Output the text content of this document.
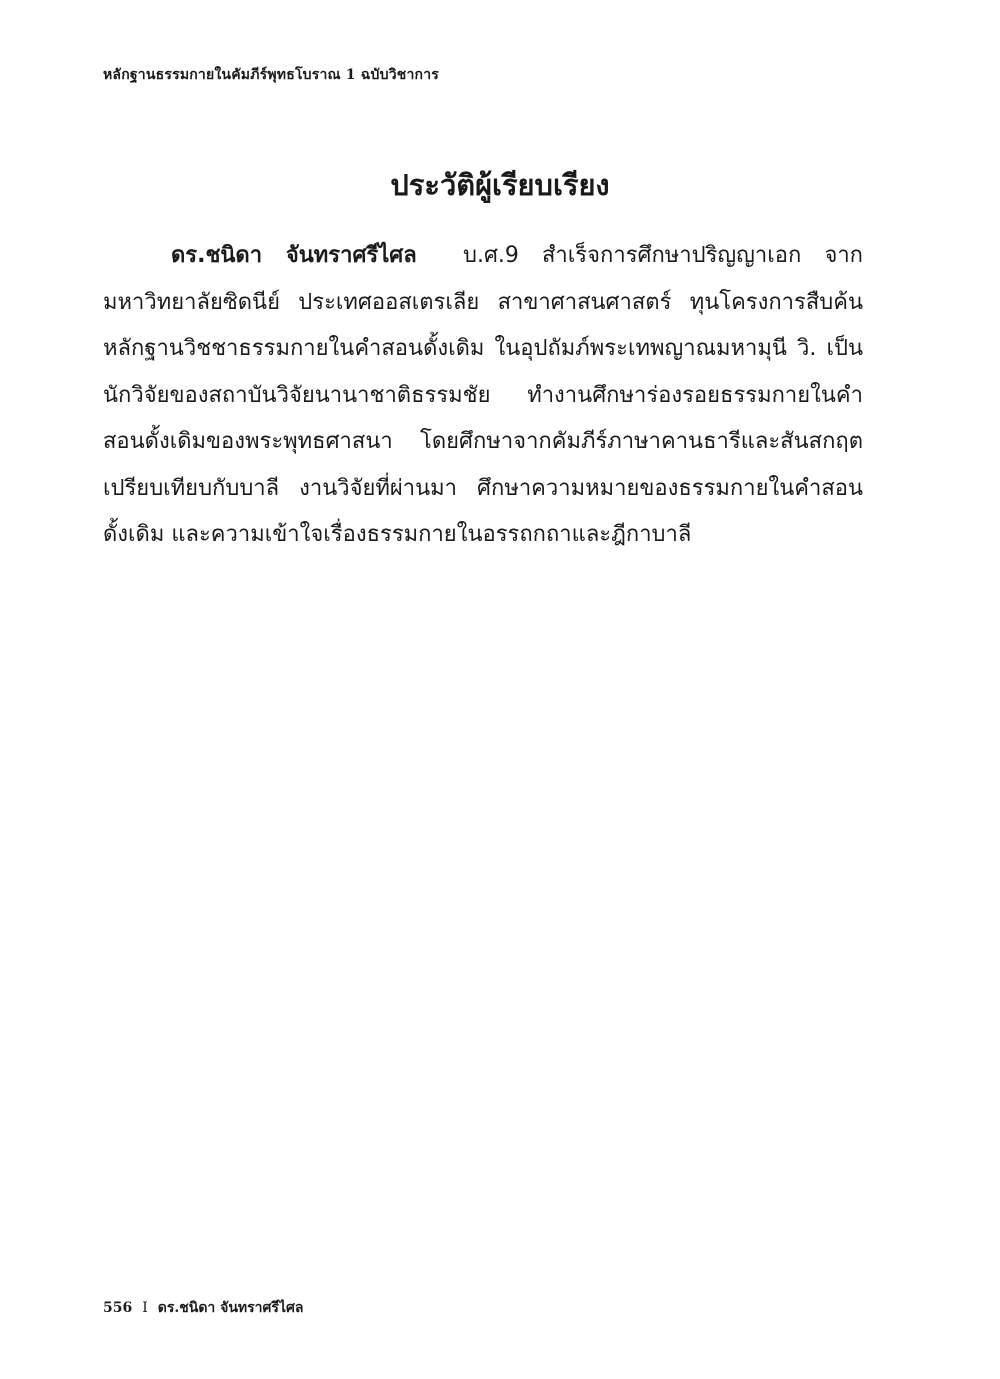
หลักฐานธรรมกายในคัมภีร์พุทธโบราณ 1 ฉบับวิชาการ
ประวัติผู้เรียบเรียง

ดร.ชนิดา จันทราศรีไศล บ.ศ.9 สำเร็จการศึกษาปริญญาเอก จากมหาวิทยาลัยซิดนีย์ ประเทศออสเตรเลีย สาขาศาสนศาสตร์ ทุนโครงการสืบค้นหลักฐานวิชชาธรรมกายในคำสอนดั้งเดิม ในอุปถัมภ์พระเทพญาณมหามุนี วิ. เป็นนักวิจัยของสถาบันวิจัยนานาชาติธรรมชัย ทำงานศึกษาร่องรอยธรรมกายในคำสอนดั้งเดิมของพระพุทธศาสนา โดยศึกษาจากคัมภีร์ภาษาคานธารีและสันสกฤต เปรียบเทียบกับบาลี งานวิจัยที่ผ่านมา ศึกษาความหมายของธรรมกายในคำสอนดั้งเดิม และความเข้าใจเรื่องธรรมกายในอรรถกถาและฎีกาบาลี

556 I ดร.ชนิดา จันทราศรีไศล
